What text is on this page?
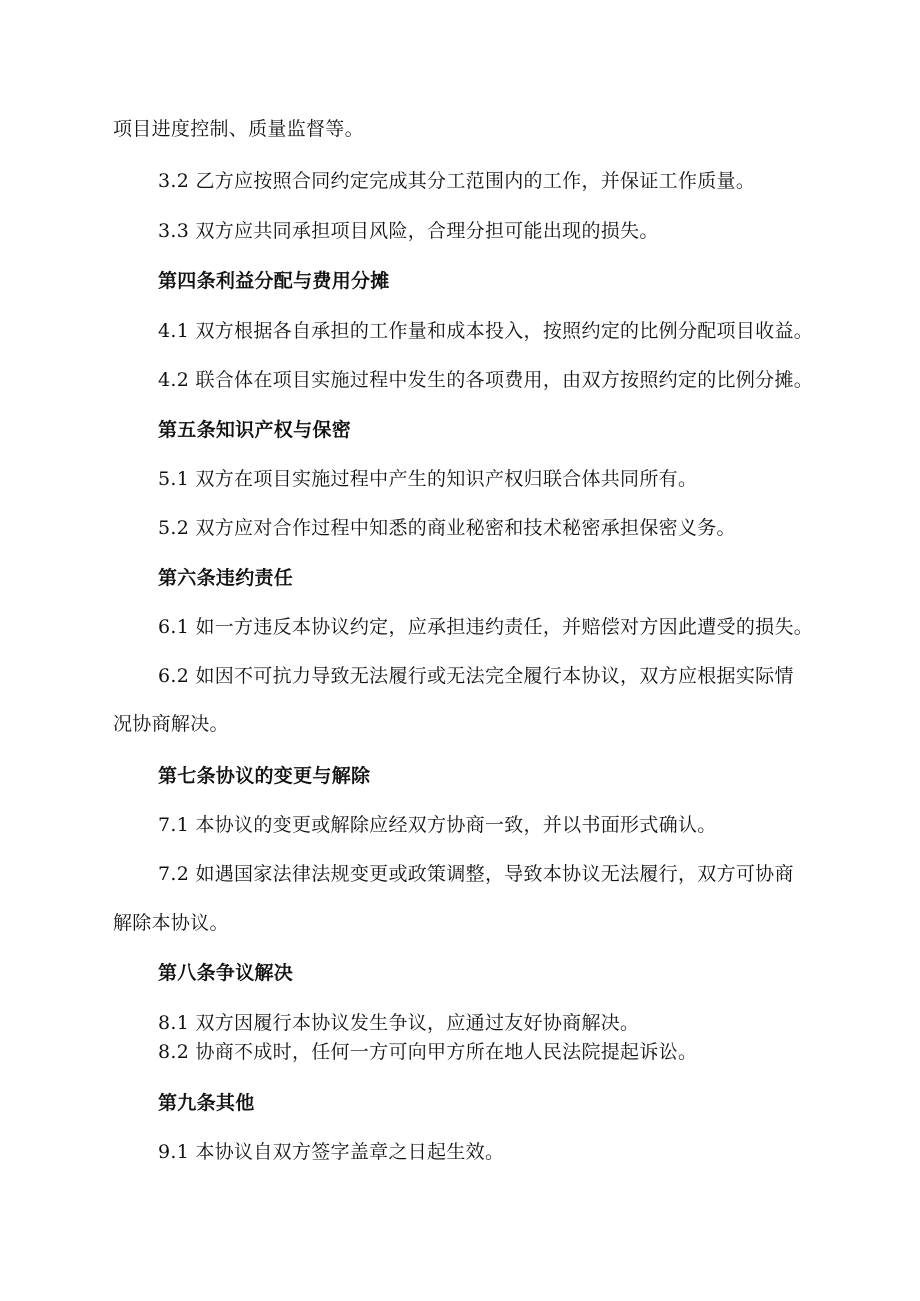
项目进度控制、质量监督等。
3.2 乙方应按照合同约定完成其分工范围内的工作，并保证工作质量。
3.3 双方应共同承担项目风险，合理分担可能出现的损失。
第四条利益分配与费用分摊
4.1 双方根据各自承担的工作量和成本投入，按照约定的比例分配项目收益。
4.2 联合体在项目实施过程中发生的各项费用，由双方按照约定的比例分摊。
第五条知识产权与保密
5.1 双方在项目实施过程中产生的知识产权归联合体共同所有。
5.2 双方应对合作过程中知悉的商业秘密和技术秘密承担保密义务。
第六条违约责任
6.1 如一方违反本协议约定，应承担违约责任，并赔偿对方因此遭受的损失。
6.2 如因不可抗力导致无法履行或无法完全履行本协议，双方应根据实际情
况协商解决。
第七条协议的变更与解除
7.1 本协议的变更或解除应经双方协商一致，并以书面形式确认。
7.2 如遇国家法律法规变更或政策调整，导致本协议无法履行，双方可协商
解除本协议。
第八条争议解决
8.1 双方因履行本协议发生争议，应通过友好协商解决。
8.2 协商不成时，任何一方可向甲方所在地人民法院提起诉讼。
第九条其他
9.1 本协议自双方签字盖章之日起生效。
